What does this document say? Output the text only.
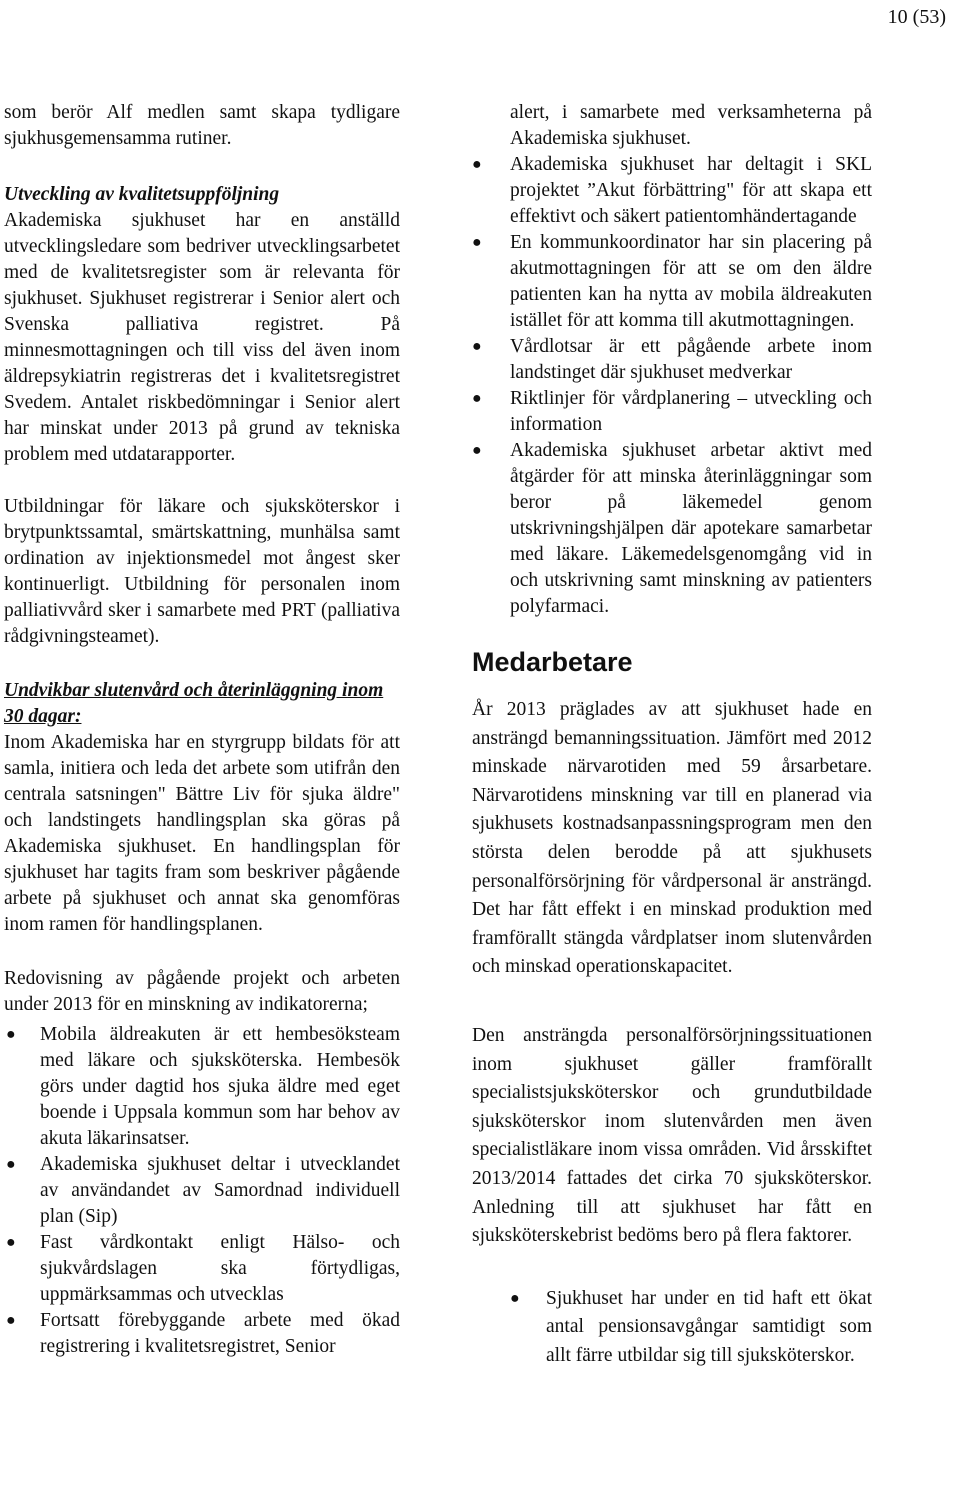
10 (53)

som berör Alf medlen samt skapa tydligare sjukhusgemensamma rutiner.

Utveckling av kvalitetsuppföljning

Akademiska sjukhuset har en anställd utvecklingsledare som bedriver utvecklingsarbetet med de kvalitetsregister som är relevanta för sjukhuset. Sjukhuset registrerar i Senior alert och Svenska palliativa registret. På minnesmottagningen och till viss del även inom äldrepsykiatrin registreras det i kvalitetsregistret Svedem. Antalet riskbedömningar i Senior alert har minskat under 2013 på grund av tekniska problem med utdatarapporter.

Utbildningar för läkare och sjuksköterskor i brytpunktssamtal, smärtskattning, munhälsa samt ordination av injektionsmedel mot ångest sker kontinuerligt. Utbildning för personalen inom palliativvård sker i samarbete med PRT (palliativa rådgivningsteamet).

Undvikbar slutenvård och återinläggning inom 30 dagar:

Inom Akademiska har en styrgrupp bildats för att samla, initiera och leda det arbete som utifrån den centrala satsningen" Bättre Liv för sjuka äldre" och landstingets handlingsplan ska göras på Akademiska sjukhuset. En handlingsplan för sjukhuset har tagits fram som beskriver pågående arbete på sjukhuset och annat ska genomföras inom ramen för handlingsplanen.

Redovisning av pågående projekt och arbeten under 2013 för en minskning av indikatorerna;

● Mobila äldreakuten är ett hembesöksteam med läkare och sjuksköterska. Hembesök görs under dagtid hos sjuka äldre med eget boende i Uppsala kommun som har behov av akuta läkarinsatser.
● Akademiska sjukhuset deltar i utvecklandet av användandet av Samordnad individuell plan (Sip)
● Fast vårdkontakt enligt Hälso- och sjukvårdslagen ska förtydligas, uppmärksammas och utvecklas
● Fortsatt förebyggande arbete med ökad registrering i kvalitetsregistret, Senior

alert, i samarbete med verksamheterna på Akademiska sjukhuset.

● Akademiska sjukhuset har deltagit i SKL projektet ”Akut förbättring" för att skapa ett effektivt och säkert patientomhändertagande
● En kommunkoordinator har sin placering på akutmottagningen för att se om den äldre patienten kan ha nytta av mobila äldreakuten istället för att komma till akutmottagningen.
● Vårdlotsar är ett pågående arbete inom landstinget där sjukhuset medverkar
● Riktlinjer för vårdplanering – utveckling och information
● Akademiska sjukhuset arbetar aktivt med åtgärder för att minska återinläggningar som beror på läkemedel genom utskrivningshjälpen där apotekare samarbetar med läkare. Läkemedelsgenomgång vid in och utskrivning samt minskning av patienters polyfarmaci.
Medarbetare

År 2013 präglades av att sjukhuset hade en ansträngd bemanningssituation. Jämfört med 2012 minskade närvarotiden med 59 årsarbetare. Närvarotidens minskning var till en planerad via sjukhusets kostnadsanpassningsprogram men den största delen berodde på att sjukhusets personalförsörjning för vårdpersonal är ansträngd. Det har fått effekt i en minskad produktion med framförallt stängda vårdplatser inom slutenvården och minskad operationskapacitet.

Den ansträngda personalförsörjningssituationen inom sjukhuset gäller framförallt specialistsjuksköterskor och grundutbildade sjuksköterskor inom slutenvården men även specialistläkare inom vissa områden. Vid årsskiftet 2013/2014 fattades det cirka 70 sjuksköterskor. Anledning till att sjukhuset har fått en sjuksköterskebrist bedöms bero på flera faktorer.

● Sjukhuset har under en tid haft ett ökat antal pensionsavgångar samtidigt som allt färre utbildar sig till sjuksköterskor.
